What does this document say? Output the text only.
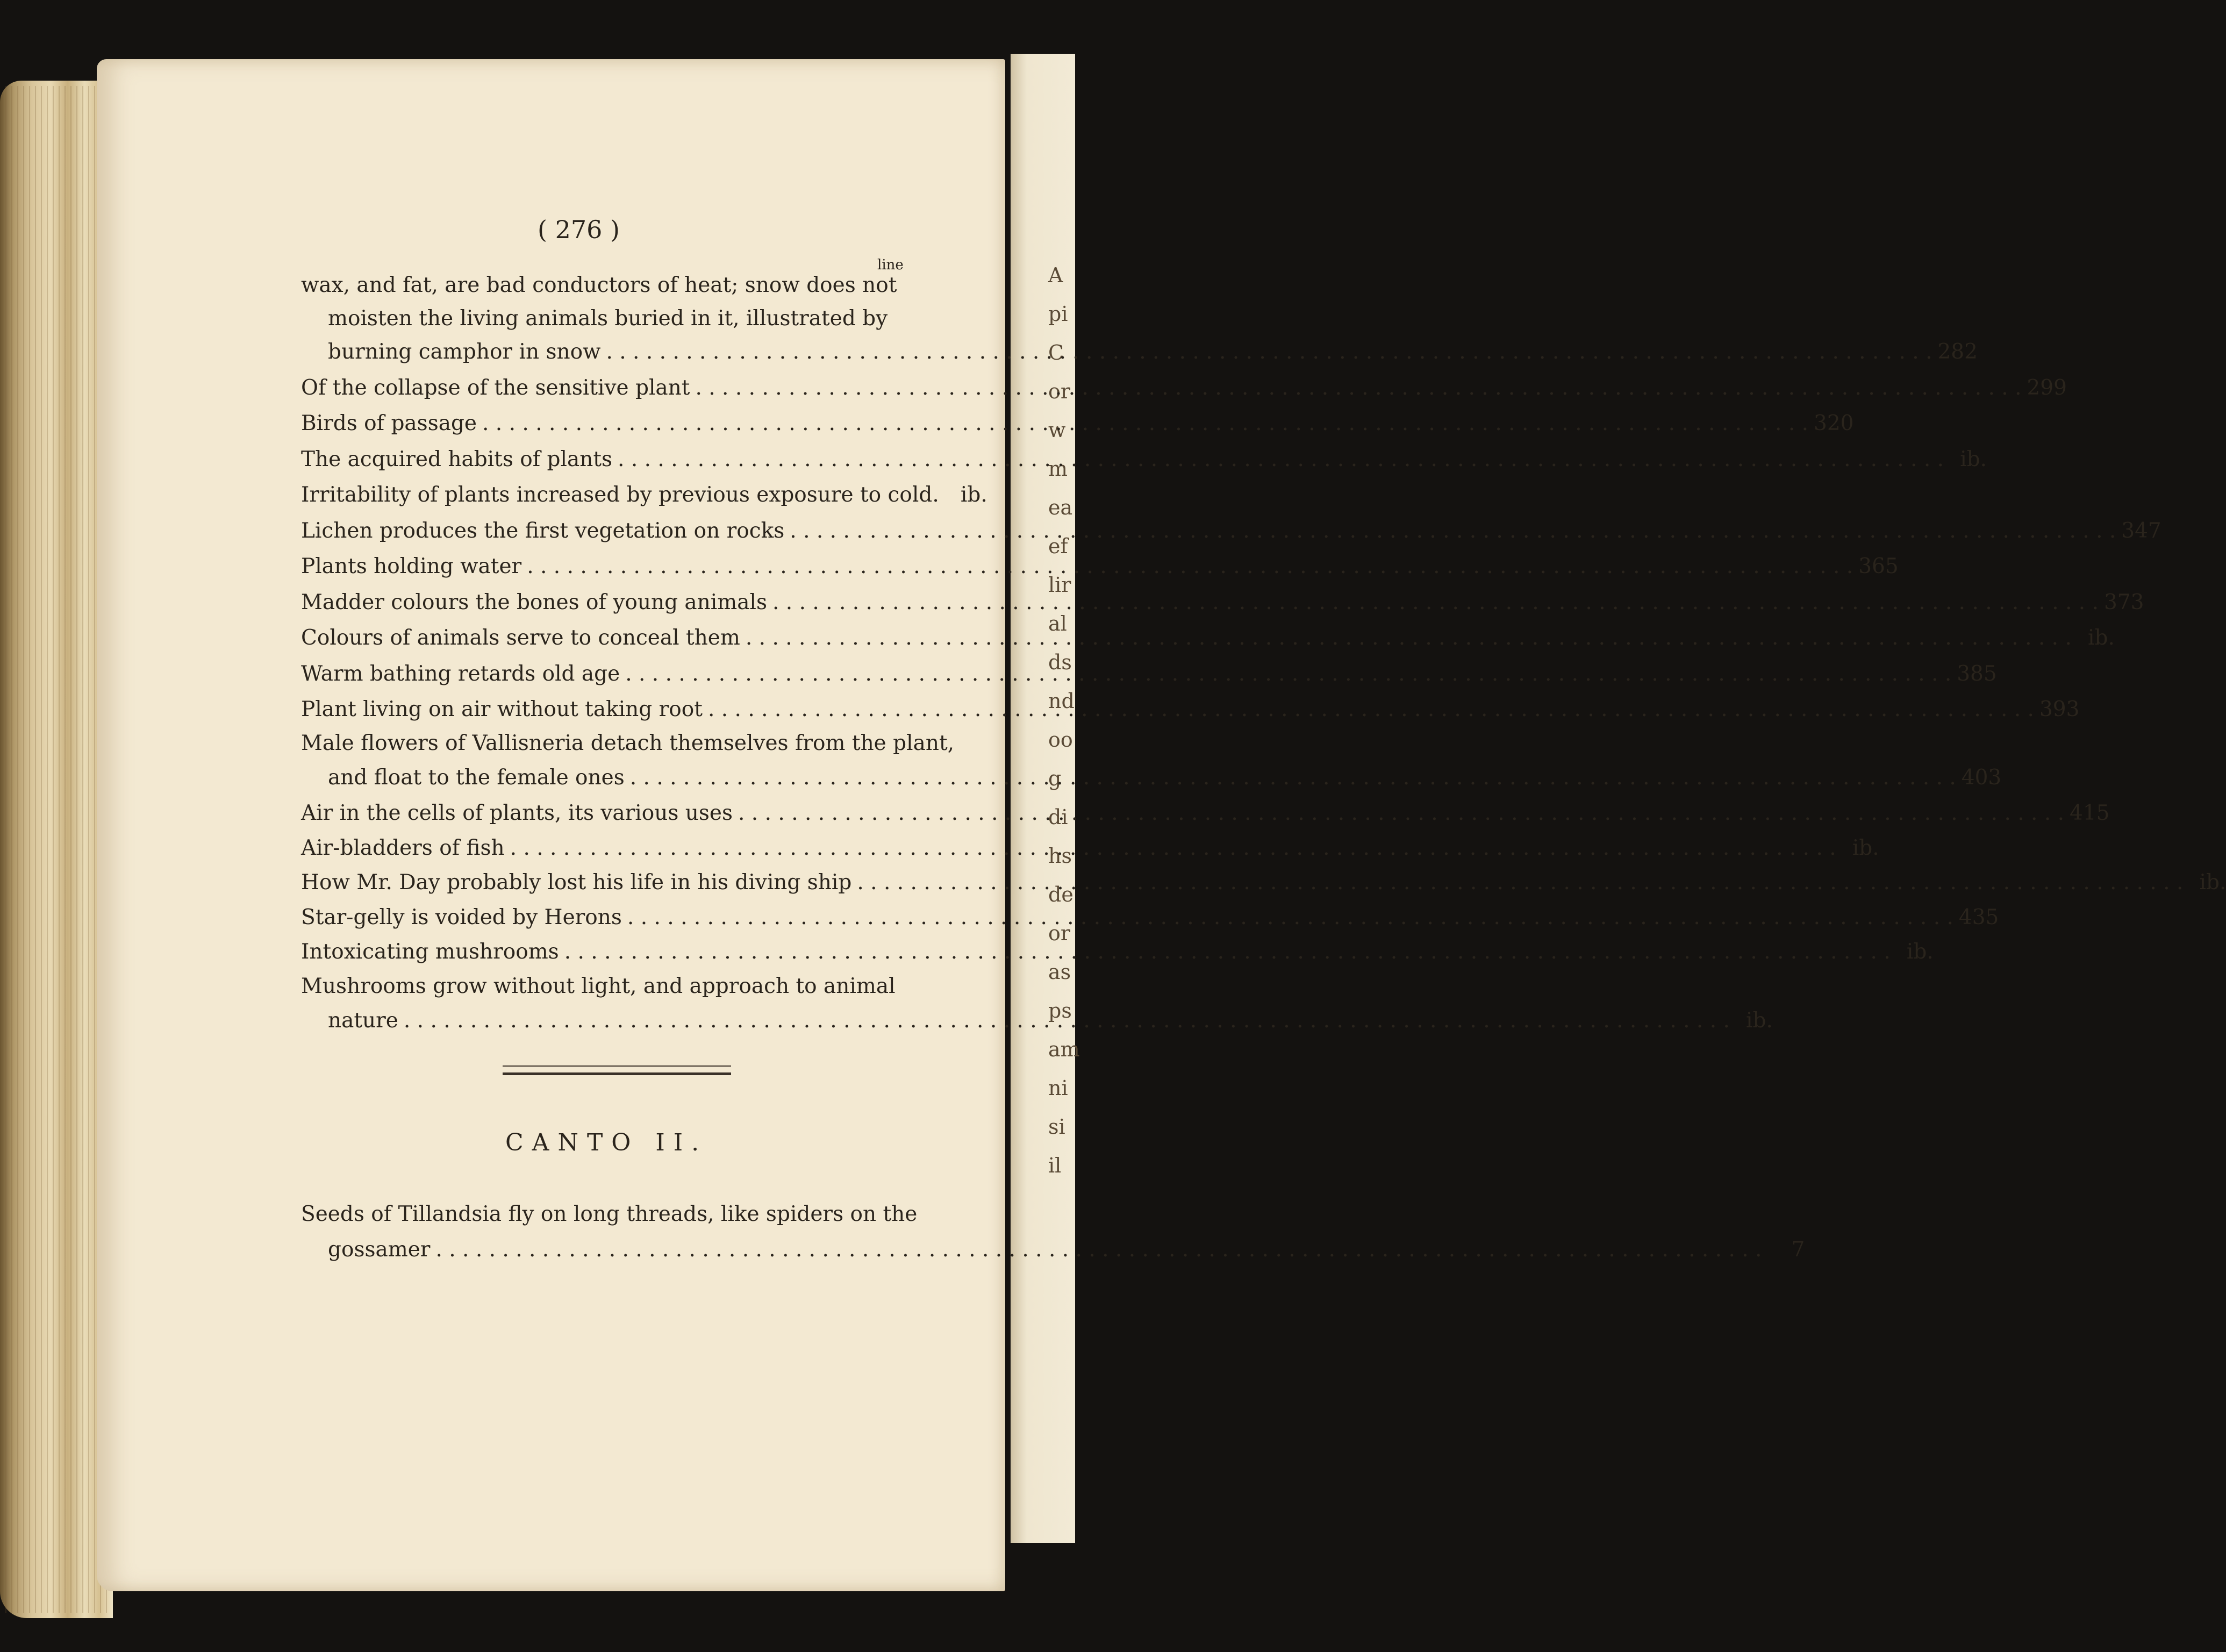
A
pi
C
or
w
m
ea
ef
lir
al
ds
nd
oo
g
di
hs
de
or
as
ps
am
ni
si
il
( 276 )
line
wax, and fat, are bad conductors of heat; snow does not
moisten the living animals buried in it, illustrated by
burning camphor in snow . . .	282
Of the collapse of the sensitive plant . . .	299
Birds of passage . . .	320
The acquired habits of plants . . .	ib.
Irritability of plants increased by previous exposure to cold.	ib.
Lichen produces the first vegetation on rocks . . .	347
Plants holding water . . .	365
Madder colours the bones of young animals . . .	373
Colours of animals serve to conceal them . . .	ib.
Warm bathing retards old age . . .	385
Plant living on air without taking root . . .	393
Male flowers of Vallisneria detach themselves from the plant,
and float to the female ones . . .	403
Air in the cells of plants, its various uses . . .	415
Air-bladders of fish . . .	ib.
How Mr. Day probably lost his life in his diving ship . . .	ib.
Star-gelly is voided by Herons . . .	435
Intoxicating mushrooms . . .	ib.
Mushrooms grow without light, and approach to animal
nature . . .	ib.
CANTO II.
Seeds of Tillandsia fly on long threads, like spiders on the
gossamer . . .	7
